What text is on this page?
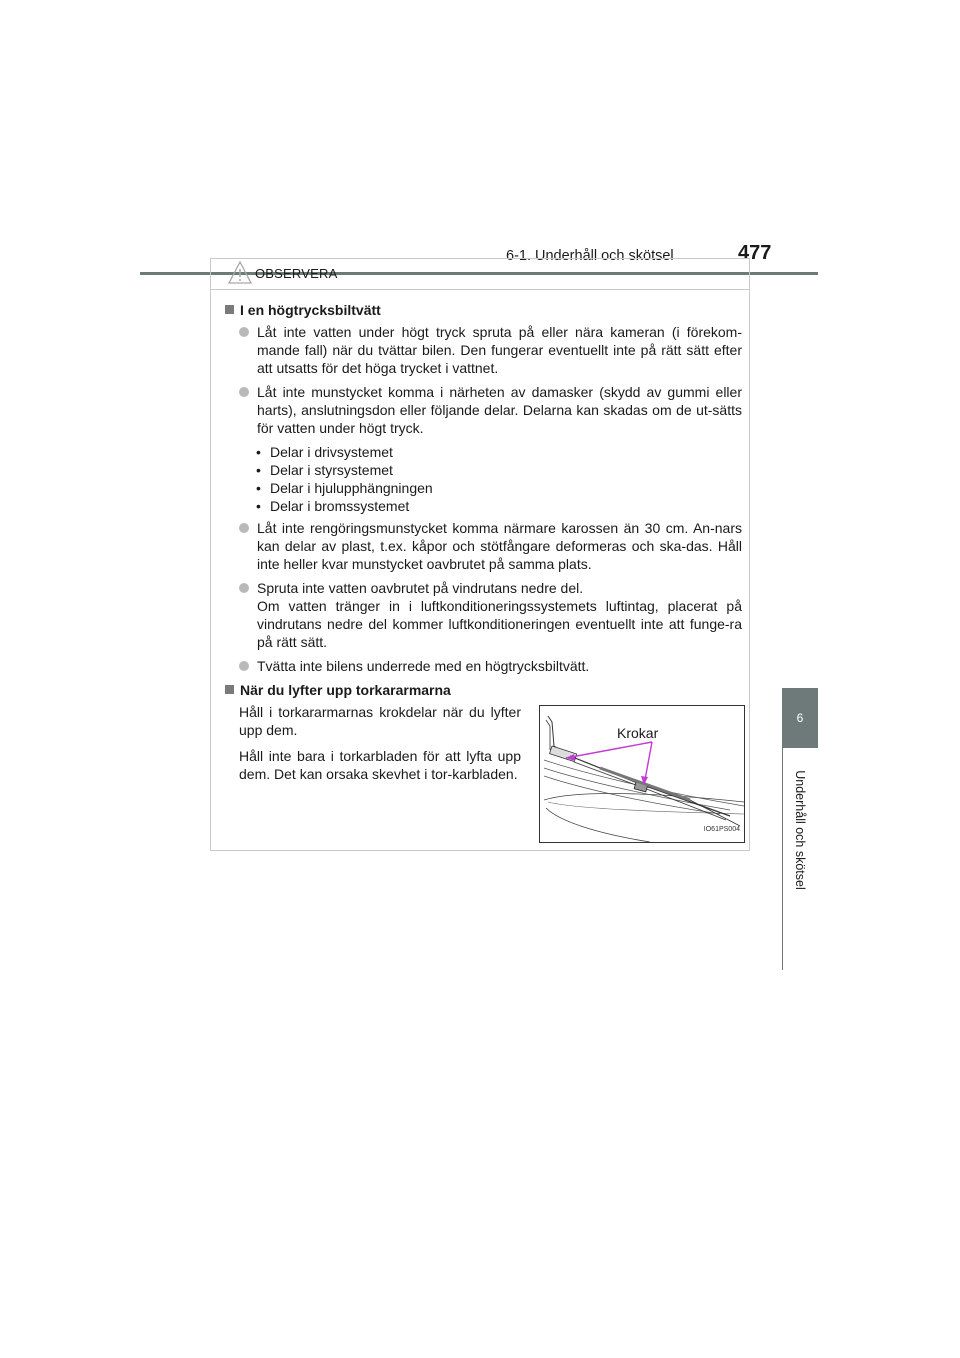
6-1. Underhåll och skötsel	477
6
Underhåll och skötsel
OBSERVERA
I en högtrycksbiltvätt
Låt inte vatten under högt tryck spruta på eller nära kameran (i förekom-mande fall) när du tvättar bilen. Den fungerar eventuellt inte på rätt sätt efter att utsatts för det höga trycket i vattnet.
Låt inte munstycket komma i närheten av damasker (skydd av gummi eller harts), anslutningsdon eller följande delar. Delarna kan skadas om de ut-sätts för vatten under högt tryck.
• Delar i drivsystemet
• Delar i styrsystemet
• Delar i hjulupphängningen
• Delar i bromssystemet
Låt inte rengöringsmunstycket komma närmare karossen än 30 cm. An-nars kan delar av plast, t.ex. kåpor och stötfångare deformeras och ska-das. Håll inte heller kvar munstycket oavbrutet på samma plats.
Spruta inte vatten oavbrutet på vindrutans nedre del.
Om vatten tränger in i luftkonditioneringssystemets luftintag, placerat på vindrutans nedre del kommer luftkonditioneringen eventuellt inte att funge-ra på rätt sätt.
Tvätta inte bilens underrede med en högtrycksbiltvätt.
När du lyfter upp torkararmarna

Håll i torkararmarnas krokdelar när du lyfter upp dem.

Håll inte bara i torkarbladen för att lyfta upp dem. Det kan orsaka skevhet i tor-karbladen.

Krokar
IO61PS004
